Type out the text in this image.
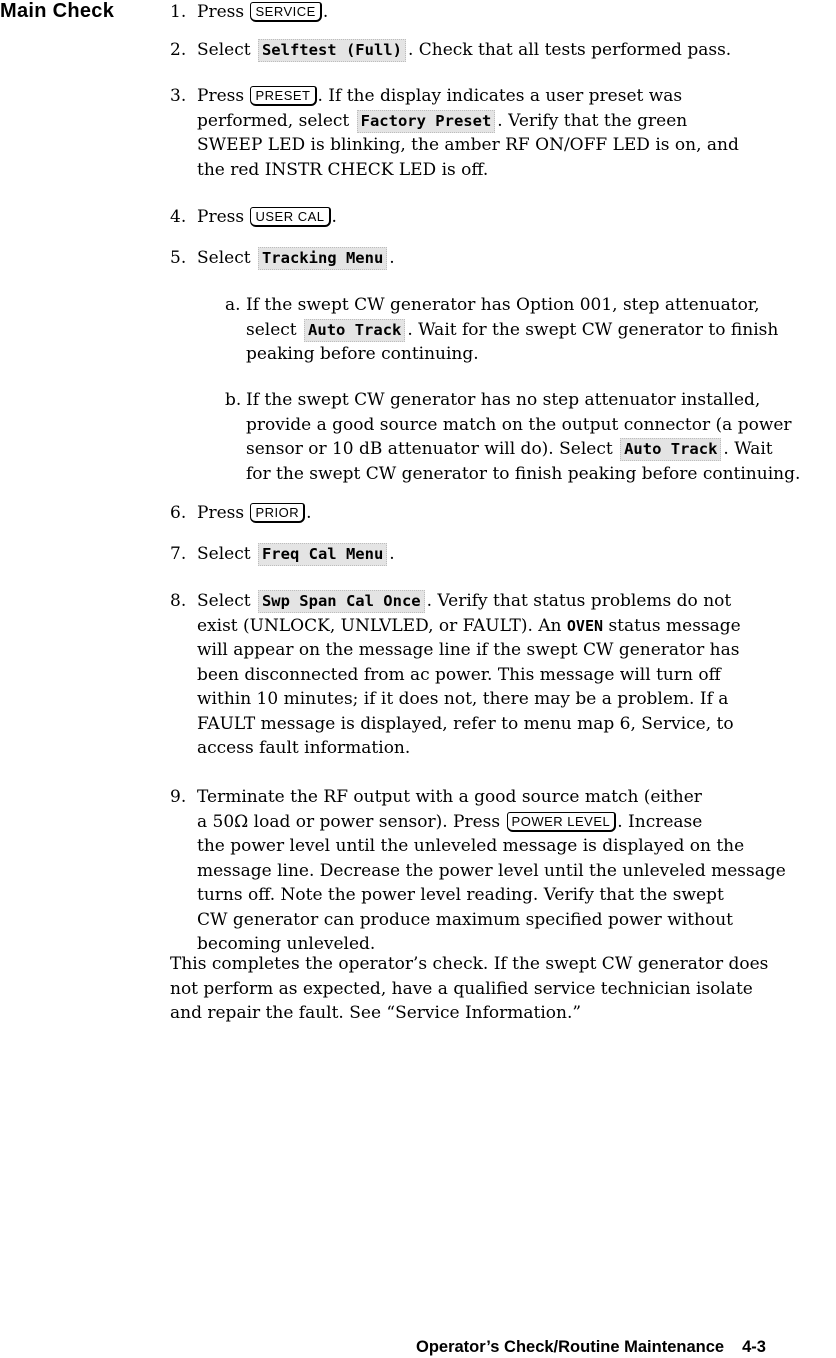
Main Check	1. Press SERVICE .
2. Select Selftest (Full) . Check that all tests performed pass.
3. Press PRESET . If the display indicates a user preset was
performed, select Factory Preset . Verify that the green
SWEEP LED is blinking, the amber RF ON/OFF LED is on, and
the red INSTR CHECK LED is off.
4. Press USER CAL .
5. Select Tracking Menu .
a. If the swept CW generator has Option 001, step attenuator,
select Auto Track . Wait for the swept CW generator to finish
peaking before continuing.
b. If the swept CW generator has no step attenuator installed,
provide a good source match on the output connector (a power
sensor or 10 dB attenuator will do). Select Auto Track . Wait
for the swept CW generator to finish peaking before continuing.
6. Press PRIOR .
7. Select Freq Cal Menu .
8. Select Swp Span Cal Once . Verify that status problems do not
exist (UNLOCK, UNLVLED, or FAULT). An OVEN status message
will appear on the message line if the swept CW generator has
been disconnected from ac power. This message will turn off
within 10 minutes; if it does not, there may be a problem. If a
FAULT message is displayed, refer to menu map 6, Service, to
access fault information.
9. Terminate the RF output with a good source match (either
a 50Ω load or power sensor). Press POWER LEVEL . Increase
the power level until the unleveled message is displayed on the
message line. Decrease the power level until the unleveled message
turns off. Note the power level reading. Verify that the swept
CW generator can produce maximum specified power without
becoming unleveled.
This completes the operator’s check. If the swept CW generator does
not perform as expected, have a qualified service technician isolate
and repair the fault. See “Service Information.”
Operator’s Check/Routine Maintenance 4-3
